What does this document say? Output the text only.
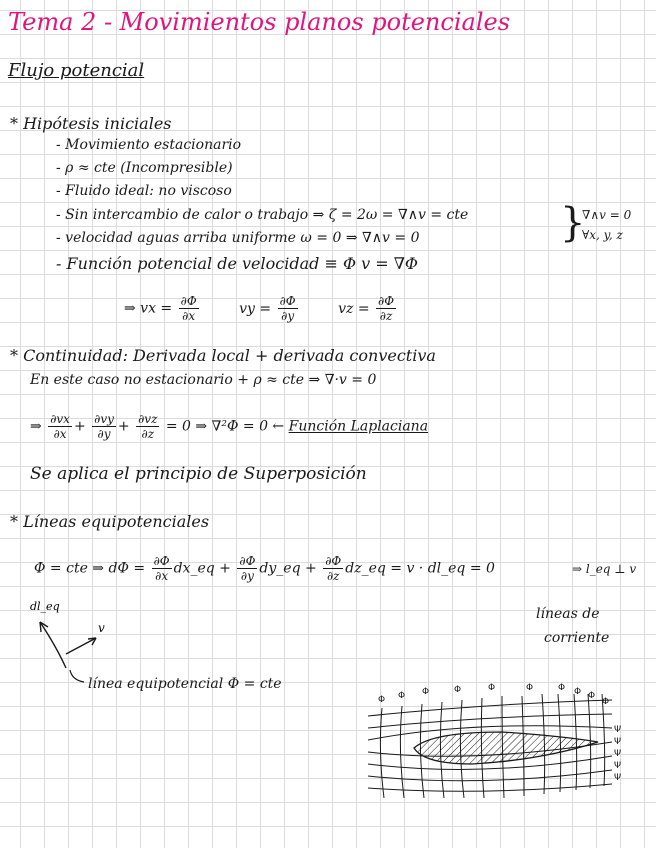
Tema 2 - Movimientos planos potenciales
Flujo potencial
* Hipótesis iniciales
- Movimiento estacionario
- ρ ≈ cte (Incompresible)
- Fluido ideal: no viscoso
- Sin intercambio de calor o trabajo ⇒ ζ = 2ω = ∇∧v = cte
- velocidad aguas arriba uniforme ω = 0 ⇒ ∇∧v = 0
- Función potencial de velocidad ≡ Φ v = ∇Φ
}
∇∧v = 0
∀x, y, z
⇒ vx = $\frac{\partial\Phi}{\partial x}$	vy = $\frac{\partial\Phi}{\partial y}$	vz = $\frac{\partial\Phi}{\partial z}$
* Continuidad: Derivada local + derivada convectiva
En este caso no estacionario + ρ ≈ cte ⇒ ∇·v = 0
⇒ $\frac{\partial vx}{\partial x} + \frac{\partial vy}{\partial y} + \frac{\partial vz}{\partial z} = 0$ ⇒ ∇²Φ = 0 ← Función Laplaciana
Se aplica el principio de Superposición
* Líneas equipotenciales
Φ = cte ⇒ $d\Phi = \frac{\partial\Phi}{\partial x}$ dx_eq + $\frac{\partial\Phi}{\partial y}$ dy_eq + $\frac{\partial\Phi}{\partial z}$ dz_eq = v · dl_eq = 0	⇒ l_eq ⊥ v
líneas de
corriente
dl_eq
v
línea equipotencial Φ = cte
Φ Φ Φ	Φ	Φ	Φ	Φ Φ Φ
Φ
Ψ
Ψ
Ψ
Ψ
Ψ
